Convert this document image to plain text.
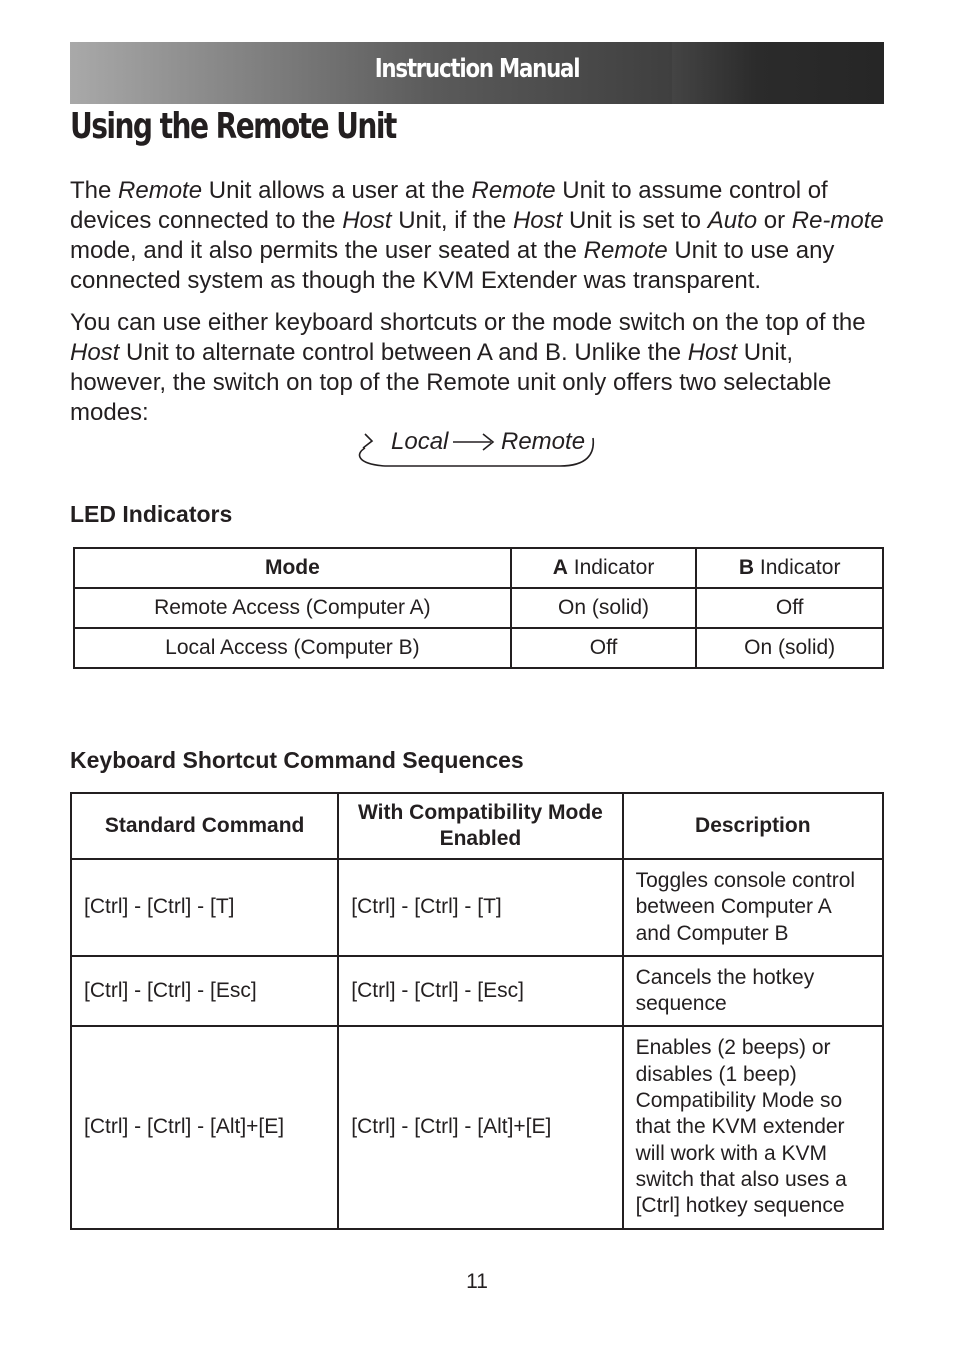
Instruction Manual
Using the Remote Unit

The Remote Unit allows a user at the Remote Unit to assume control of devices connected to the Host Unit, if the Host Unit is set to Auto or Re-mote mode, and it also permits the user seated at the Remote Unit to use any connected system as though the KVM Extender was transparent.

You can use either keyboard shortcuts or the mode switch on the top of the Host Unit to alternate control between A and B. Unlike the Host Unit, however, the switch on top of the Remote unit only offers two selectable modes:

Local Remote
LED Indicators
Mode	A Indicator	B Indicator
Remote Access (Computer A)	On (solid)	Off
Local Access (Computer B)	Off	On (solid)
Keyboard Shortcut Command Sequences
Standard Command	With Compatibility Mode Enabled	Description
[Ctrl] - [Ctrl] - [T]	[Ctrl] - [Ctrl] - [T]	Toggles console control between Computer A and Computer B
[Ctrl] - [Ctrl] - [Esc]	[Ctrl] - [Ctrl] - [Esc]	Cancels the hotkey sequence
[Ctrl] - [Ctrl] - [Alt]+[E]	[Ctrl] - [Ctrl] - [Alt]+[E]	Enables (2 beeps) or disables (1 beep) Compatibility Mode so that the KVM extender will work with a KVM switch that also uses a [Ctrl] hotkey sequence
11
